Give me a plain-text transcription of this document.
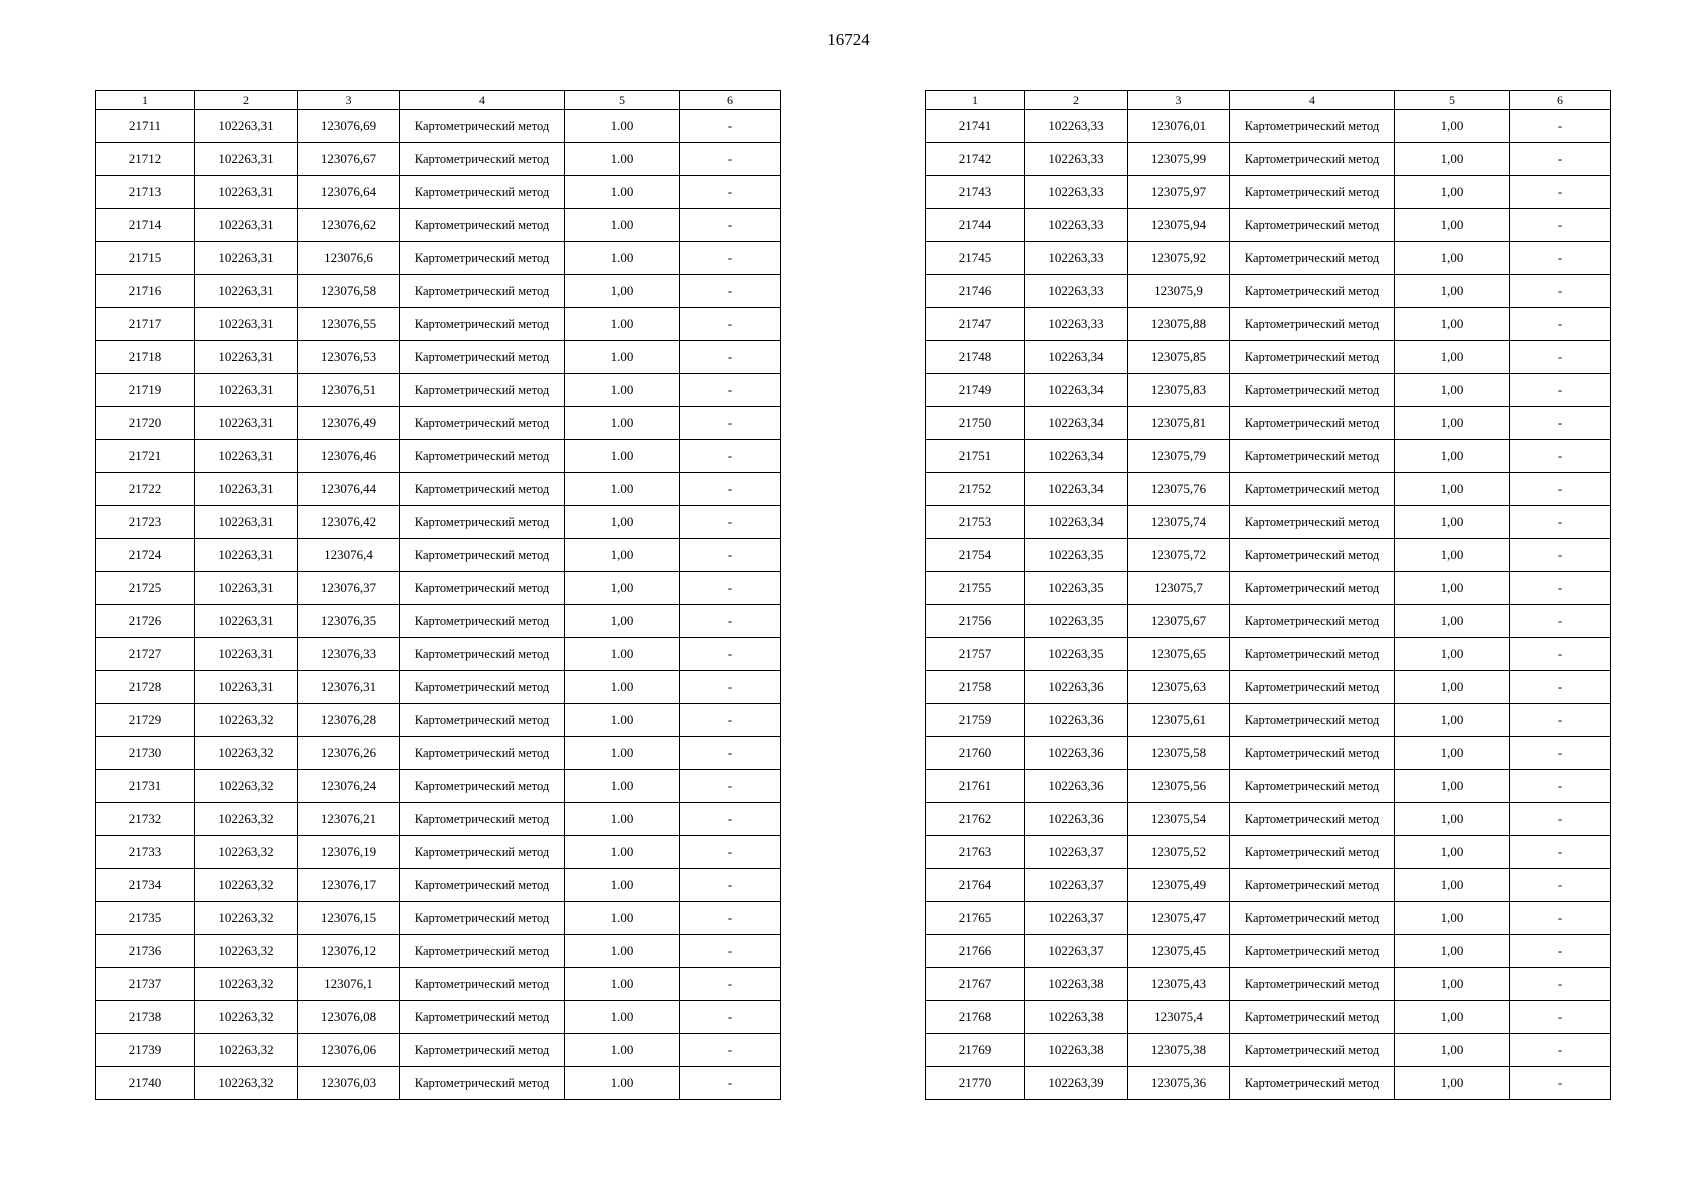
16724
1	2	3	4	5	6
21711	102263,31	123076,69	Картометрический метод	1.00	-
21712	102263,31	123076,67	Картометрический метод	1.00	-
21713	102263,31	123076,64	Картометрический метод	1.00	-
21714	102263,31	123076,62	Картометрический метод	1.00	-
21715	102263,31	123076,6	Картометрический метод	1.00	-
21716	102263,31	123076,58	Картометрический метод	1,00	-
21717	102263,31	123076,55	Картометрический метод	1.00	-
21718	102263,31	123076,53	Картометрический метод	1.00	-
21719	102263,31	123076,51	Картометрический метод	1.00	-
21720	102263,31	123076,49	Картометрический метод	1.00	-
21721	102263,31	123076,46	Картометрический метод	1.00	-
21722	102263,31	123076,44	Картометрический метод	1.00	-
21723	102263,31	123076,42	Картометрический метод	1,00	-
21724	102263,31	123076,4	Картометрический метод	1,00	-
21725	102263,31	123076,37	Картометрический метод	1,00	-
21726	102263,31	123076,35	Картометрический метод	1,00	-
21727	102263,31	123076,33	Картометрический метод	1.00	-
21728	102263,31	123076,31	Картометрический метод	1.00	-
21729	102263,32	123076,28	Картометрический метод	1.00	-
21730	102263,32	123076,26	Картометрический метод	1.00	-
21731	102263,32	123076,24	Картометрический метод	1.00	-
21732	102263,32	123076,21	Картометрический метод	1.00	-
21733	102263,32	123076,19	Картометрический метод	1.00	-
21734	102263,32	123076,17	Картометрический метод	1.00	-
21735	102263,32	123076,15	Картометрический метод	1.00	-
21736	102263,32	123076,12	Картометрический метод	1.00	-
21737	102263,32	123076,1	Картометрический метод	1.00	-
21738	102263,32	123076,08	Картометрический метод	1.00	-
21739	102263,32	123076,06	Картометрический метод	1.00	-
21740	102263,32	123076,03	Картометрический метод	1.00	-
1	2	3	4	5	6
21741	102263,33	123076,01	Картометрический метод	1,00	-
21742	102263,33	123075,99	Картометрический метод	1,00	-
21743	102263,33	123075,97	Картометрический метод	1,00	-
21744	102263,33	123075,94	Картометрический метод	1,00	-
21745	102263,33	123075,92	Картометрический метод	1,00	-
21746	102263,33	123075,9	Картометрический метод	1,00	-
21747	102263,33	123075,88	Картометрический метод	1,00	-
21748	102263,34	123075,85	Картометрический метод	1,00	-
21749	102263,34	123075,83	Картометрический метод	1,00	-
21750	102263,34	123075,81	Картометрический метод	1,00	-
21751	102263,34	123075,79	Картометрический метод	1,00	-
21752	102263,34	123075,76	Картометрический метод	1,00	-
21753	102263,34	123075,74	Картометрический метод	1,00	-
21754	102263,35	123075,72	Картометрический метод	1,00	-
21755	102263,35	123075,7	Картометрический метод	1,00	-
21756	102263,35	123075,67	Картометрический метод	1,00	-
21757	102263,35	123075,65	Картометрический метод	1,00	-
21758	102263,36	123075,63	Картометрический метод	1,00	-
21759	102263,36	123075,61	Картометрический метод	1,00	-
21760	102263,36	123075,58	Картометрический метод	1,00	-
21761	102263,36	123075,56	Картометрический метод	1,00	-
21762	102263,36	123075,54	Картометрический метод	1,00	-
21763	102263,37	123075,52	Картометрический метод	1,00	-
21764	102263,37	123075,49	Картометрический метод	1,00	-
21765	102263,37	123075,47	Картометрический метод	1,00	-
21766	102263,37	123075,45	Картометрический метод	1,00	-
21767	102263,38	123075,43	Картометрический метод	1,00	-
21768	102263,38	123075,4	Картометрический метод	1,00	-
21769	102263,38	123075,38	Картометрический метод	1,00	-
21770	102263,39	123075,36	Картометрический метод	1,00	-
